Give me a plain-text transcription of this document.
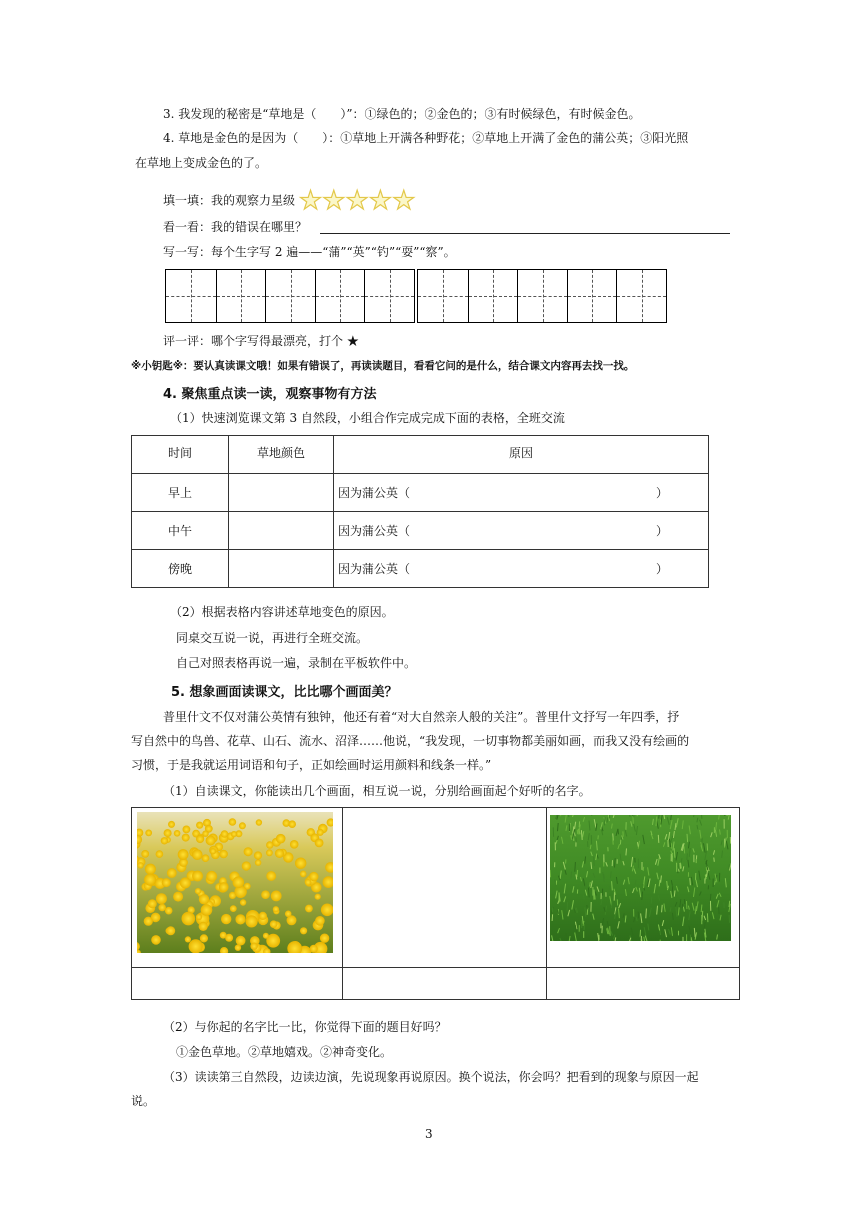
3. 我发现的秘密是“草地是（　　）”：①绿色的；②金色的；③有时候绿色，有时候金色。
4. 草地是金色的是因为（　　）：①草地上开满各种野花；②草地上开满了金色的蒲公英；③阳光照
在草地上变成金色的了。
填一填：我的观察力星级 ★ ★ ★ ★ ★
看一看：我的错误在哪里？
写一写：每个生字写 2 遍——“蒲”“英”“钓”“耍”“察”。
评一评：哪个字写得最漂亮，打个 ★
※小钥匙※：要认真读课文哦！如果有错误了，再读读题目，看看它问的是什么，结合课文内容再去找一找。
4. 聚焦重点读一读，观察事物有方法
（1）快速浏览课文第 3 自然段，小组合作完成完成下面的表格，全班交流
时间	草地颜色	原因
早上		因为蒲公英（ ）

中午		因为蒲公英（ ）

傍晚		因为蒲公英（ ）
（2）根据表格内容讲述草地变色的原因。
同桌交互说一说，再进行全班交流。
自己对照表格再说一遍，录制在平板软件中。
5. 想象画面读课文，比比哪个画面美？
普里什文不仅对蒲公英情有独钟，他还有着“对大自然亲人般的关注”。普里什文抒写一年四季，抒
写自然中的鸟兽、花草、山石、流水、沼泽……他说，“我发现，一切事物都美丽如画，而我又没有绘画的
习惯，于是我就运用词语和句子，正如绘画时运用颜料和线条一样。”
（1）自读课文，你能读出几个画面，相互说一说，分别给画面起个好听的名字。

（2）与你起的名字比一比，你觉得下面的题目好吗？
①金色草地。②草地嬉戏。②神奇变化。
（3）读读第三自然段，边读边演，先说现象再说原因。换个说法，你会吗？把看到的现象与原因一起
说。
3
